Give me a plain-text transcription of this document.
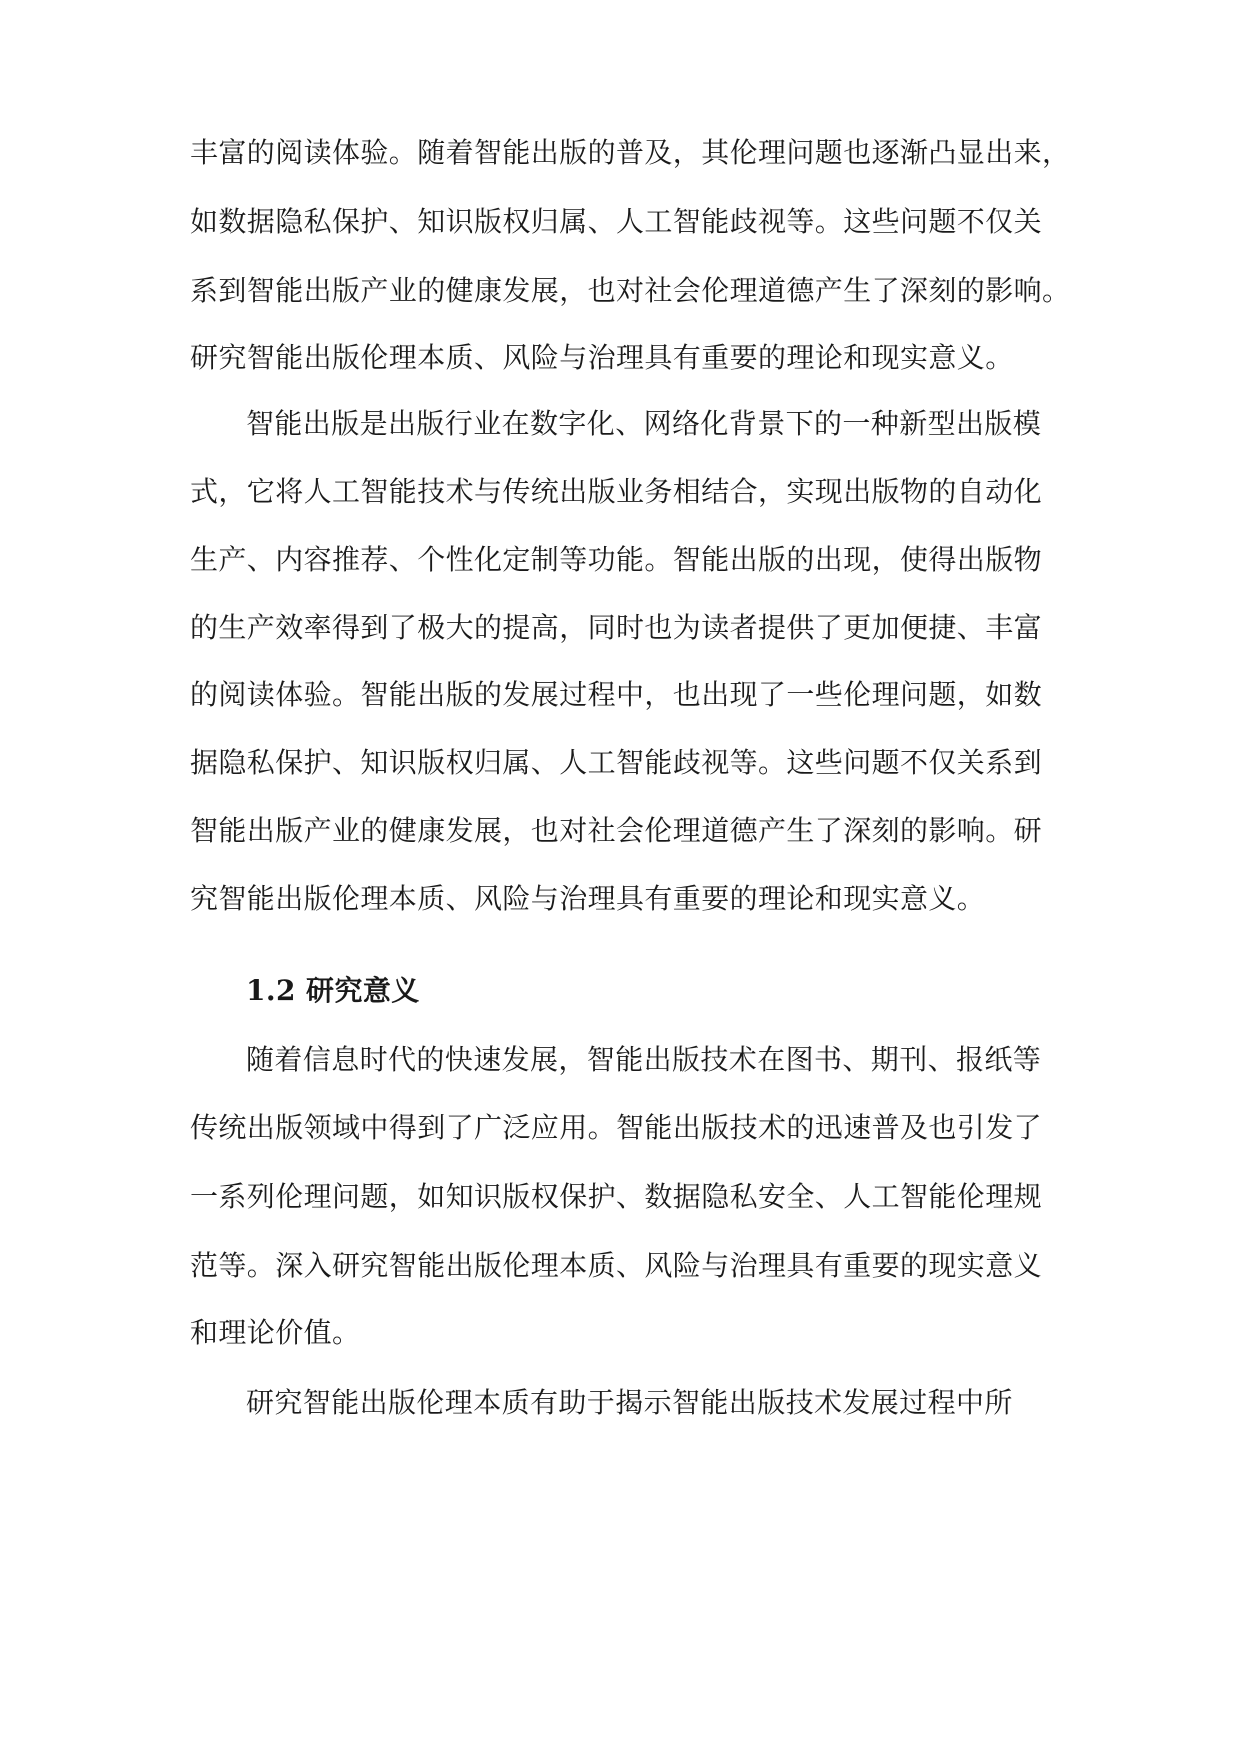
丰富的阅读体验。随着智能出版的普及，其伦理问题也逐渐凸显出来，
如数据隐私保护、知识版权归属、人工智能歧视等。这些问题不仅关
系到智能出版产业的健康发展，也对社会伦理道德产生了深刻的影响。
研究智能出版伦理本质、风险与治理具有重要的理论和现实意义。
智能出版是出版行业在数字化、网络化背景下的一种新型出版模
式，它将人工智能技术与传统出版业务相结合，实现出版物的自动化
生产、内容推荐、个性化定制等功能。智能出版的出现，使得出版物
的生产效率得到了极大的提高，同时也为读者提供了更加便捷、丰富
的阅读体验。智能出版的发展过程中，也出现了一些伦理问题，如数
据隐私保护、知识版权归属、人工智能歧视等。这些问题不仅关系到
智能出版产业的健康发展，也对社会伦理道德产生了深刻的影响。研
究智能出版伦理本质、风险与治理具有重要的理论和现实意义。
1.2 研究意义
随着信息时代的快速发展，智能出版技术在图书、期刊、报纸等
传统出版领域中得到了广泛应用。智能出版技术的迅速普及也引发了
一系列伦理问题，如知识版权保护、数据隐私安全、人工智能伦理规
范等。深入研究智能出版伦理本质、风险与治理具有重要的现实意义
和理论价值。
研究智能出版伦理本质有助于揭示智能出版技术发展过程中所
